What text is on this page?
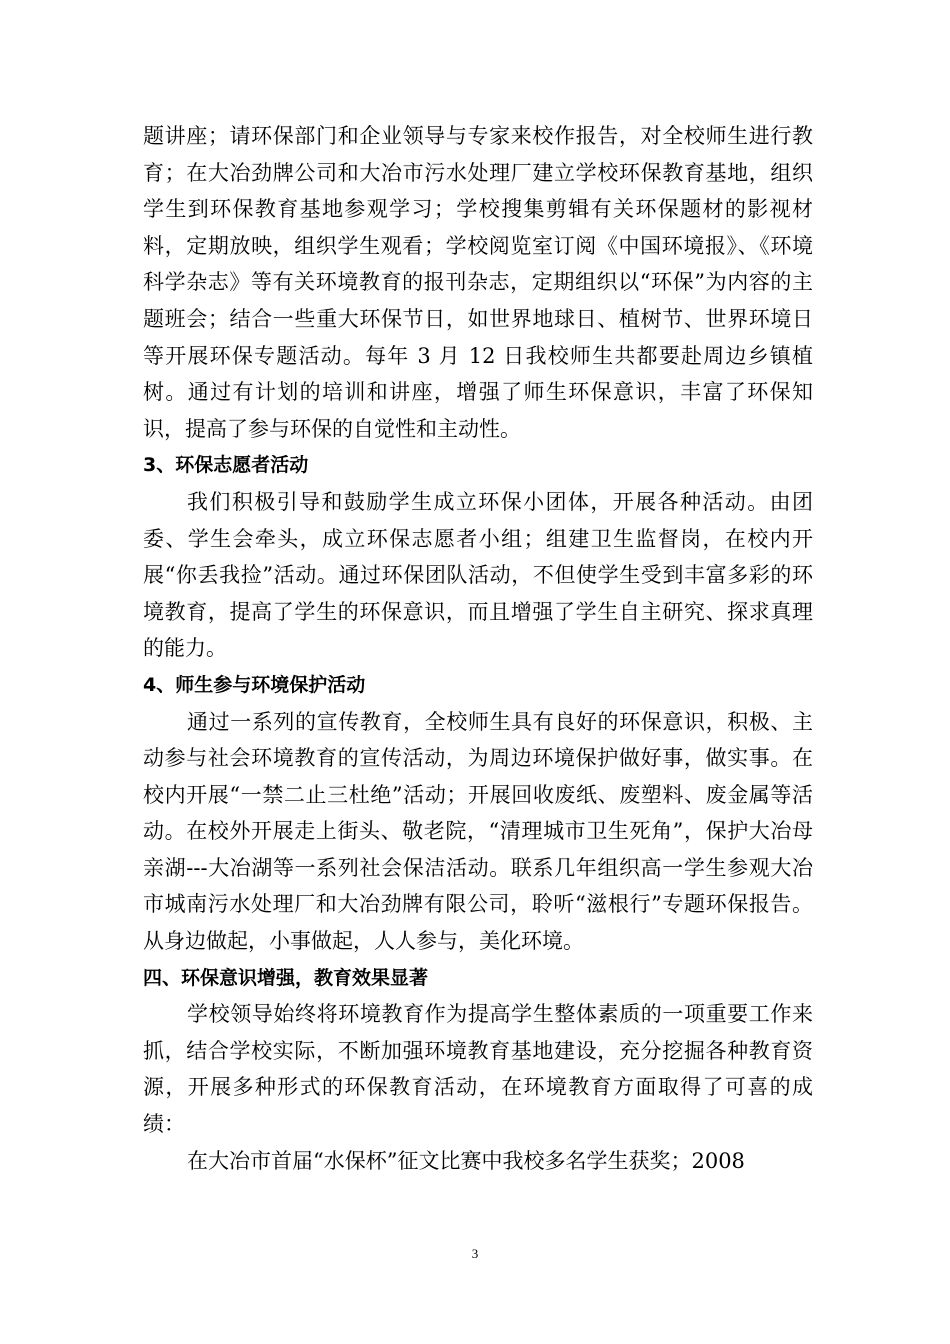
题讲座；请环保部门和企业领导与专家来校作报告，对全校师生进行教育；在大冶劲牌公司和大冶市污水处理厂建立学校环保教育基地，组织学生到环保教育基地参观学习；学校搜集剪辑有关环保题材的影视材料，定期放映，组织学生观看；学校阅览室订阅《中国环境报》、《环境科学杂志》等有关环境教育的报刊杂志，定期组织以“环保”为内容的主题班会；结合一些重大环保节日，如世界地球日、植树节、世界环境日等开展环保专题活动。每年 3 月 12 日我校师生共都要赴周边乡镇植树。通过有计划的培训和讲座，增强了师生环保意识，丰富了环保知识，提高了参与环保的自觉性和主动性。

3、环保志愿者活动

我们积极引导和鼓励学生成立环保小团体，开展各种活动。由团委、学生会牵头，成立环保志愿者小组；组建卫生监督岗，在校内开展“你丢我捡”活动。通过环保团队活动，不但使学生受到丰富多彩的环境教育，提高了学生的环保意识，而且增强了学生自主研究、探求真理的能力。

4、师生参与环境保护活动

通过一系列的宣传教育，全校师生具有良好的环保意识，积极、主动参与社会环境教育的宣传活动，为周边环境保护做好事，做实事。在校内开展“一禁二止三杜绝”活动；开展回收废纸、废塑料、废金属等活动。在校外开展走上街头、敬老院，“清理城市卫生死角”，保护大冶母亲湖---大冶湖等一系列社会保洁活动。联系几年组织高一学生参观大冶市城南污水处理厂和大冶劲牌有限公司，聆听“滋根行”专题环保报告。从身边做起，小事做起，人人参与，美化环境。

四、环保意识增强，教育效果显著

学校领导始终将环境教育作为提高学生整体素质的一项重要工作来抓，结合学校实际，不断加强环境教育基地建设，充分挖掘各种教育资源，开展多种形式的环保教育活动，在环境教育方面取得了可喜的成绩：

在大冶市首届“水保杯”征文比赛中我校多名学生获奖；2008

3
